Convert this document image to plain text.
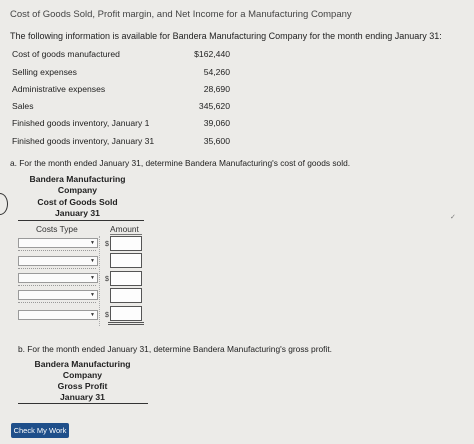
Cost of Goods Sold, Profit margin, and Net Income for a Manufacturing Company
The following information is available for Bandera Manufacturing Company for the month ending January 31:
Cost of goods manufactured	$162,440
Selling expenses	54,260
Administrative expenses	28,690
Sales	345,620
Finished goods inventory, January 1	39,060
Finished goods inventory, January 31	35,600
a. For the month ended January 31, determine Bandera Manufacturing's cost of goods sold.
Bandera Manufacturing
Company
Cost of Goods Sold
January 31
Costs Type	Amount
▼ $
▼
▼ $
▼
▼ $
b. For the month ended January 31, determine Bandera Manufacturing's gross profit.
Bandera Manufacturing
Company
Gross Profit
January 31
Check My Work
✓
